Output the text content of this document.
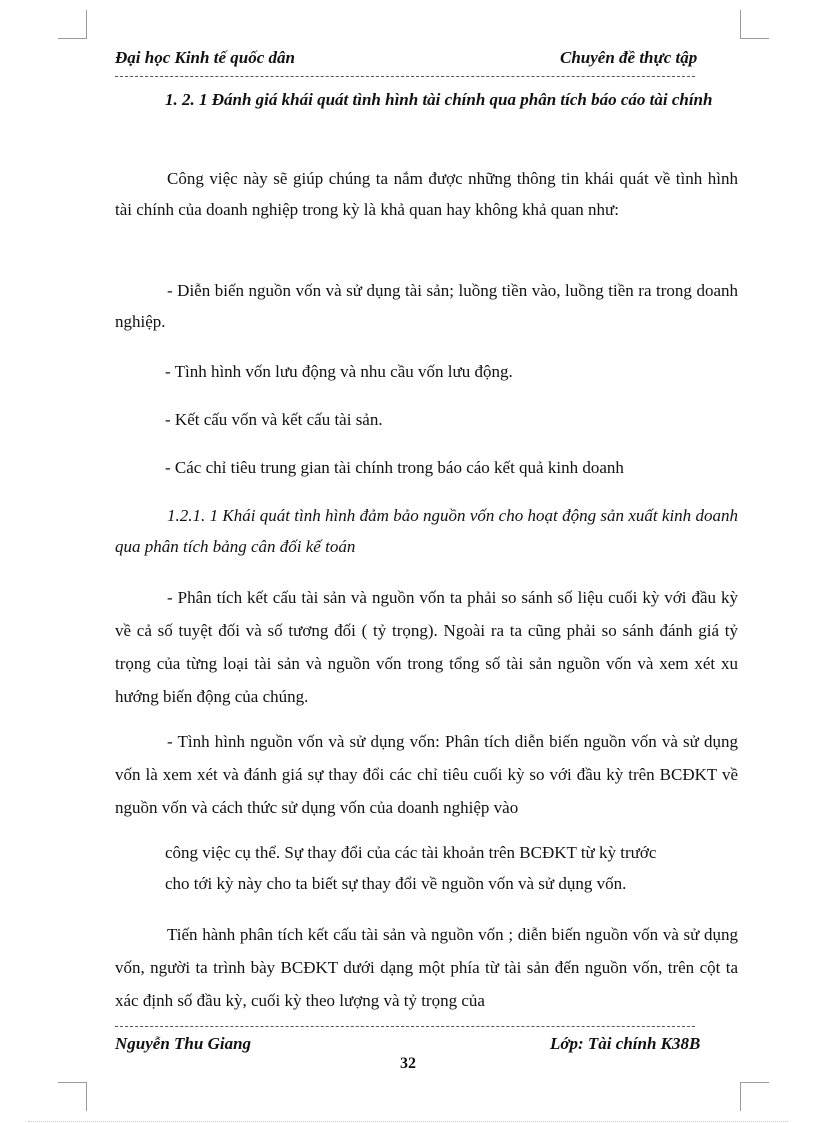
Đại học Kinh tế quốc dân	Chuyên đề thực tập

1. 2. 1 Đánh giá khái quát tình hình tài chính qua phân tích báo cáo tài chính

Công việc này sẽ giúp chúng ta nắm được những thông tin khái quát về tình hình tài chính của doanh nghiệp trong kỳ là khả quan hay không khả quan như:

- Diễn biến nguồn vốn và sử dụng tài sản; luồng tiền vào, luồng tiền ra trong doanh nghiệp.

- Tình hình vốn lưu động và nhu cầu vốn lưu động.

- Kết cấu vốn và kết cấu tài sản.

- Các chỉ tiêu trung gian tài chính trong báo cáo kết quả kinh doanh

1.2.1. 1 Khái quát tình hình đảm bảo nguồn vốn cho hoạt động sản xuất kinh doanh qua phân tích bảng cân đối kế toán

- Phân tích kết cấu tài sản và nguồn vốn ta phải so sánh số liệu cuối kỳ với đầu kỳ về cả số tuyệt đối và số tương đối ( tỷ trọng). Ngoài ra ta cũng phải so sánh đánh giá tỷ trọng của từng loại tài sản và nguồn vốn trong tổng số tài sản nguồn vốn và xem xét xu hướng biến động của chúng.

- Tình hình nguồn vốn và sử dụng vốn: Phân tích diễn biến nguồn vốn và sử dụng vốn là xem xét và đánh giá sự thay đổi các chỉ tiêu cuối kỳ so với đầu kỳ trên BCĐKT về nguồn vốn và cách thức sử dụng vốn của doanh nghiệp vào

công việc cụ thể. Sự thay đổi của các tài khoản trên BCĐKT từ kỳ trước

cho tới kỳ này cho ta biết sự thay đổi về nguồn vốn và sử dụng vốn.

Tiến hành phân tích kết cấu tài sản và nguồn vốn ; diễn biến nguồn vốn và sử dụng vốn, người ta trình bày BCĐKT dưới dạng một phía từ tài sản đến nguồn vốn, trên cột ta xác định số đầu kỳ, cuối kỳ theo lượng và tỷ trọng của

Nguyễn Thu Giang	Lớp: Tài chính K38B
32
